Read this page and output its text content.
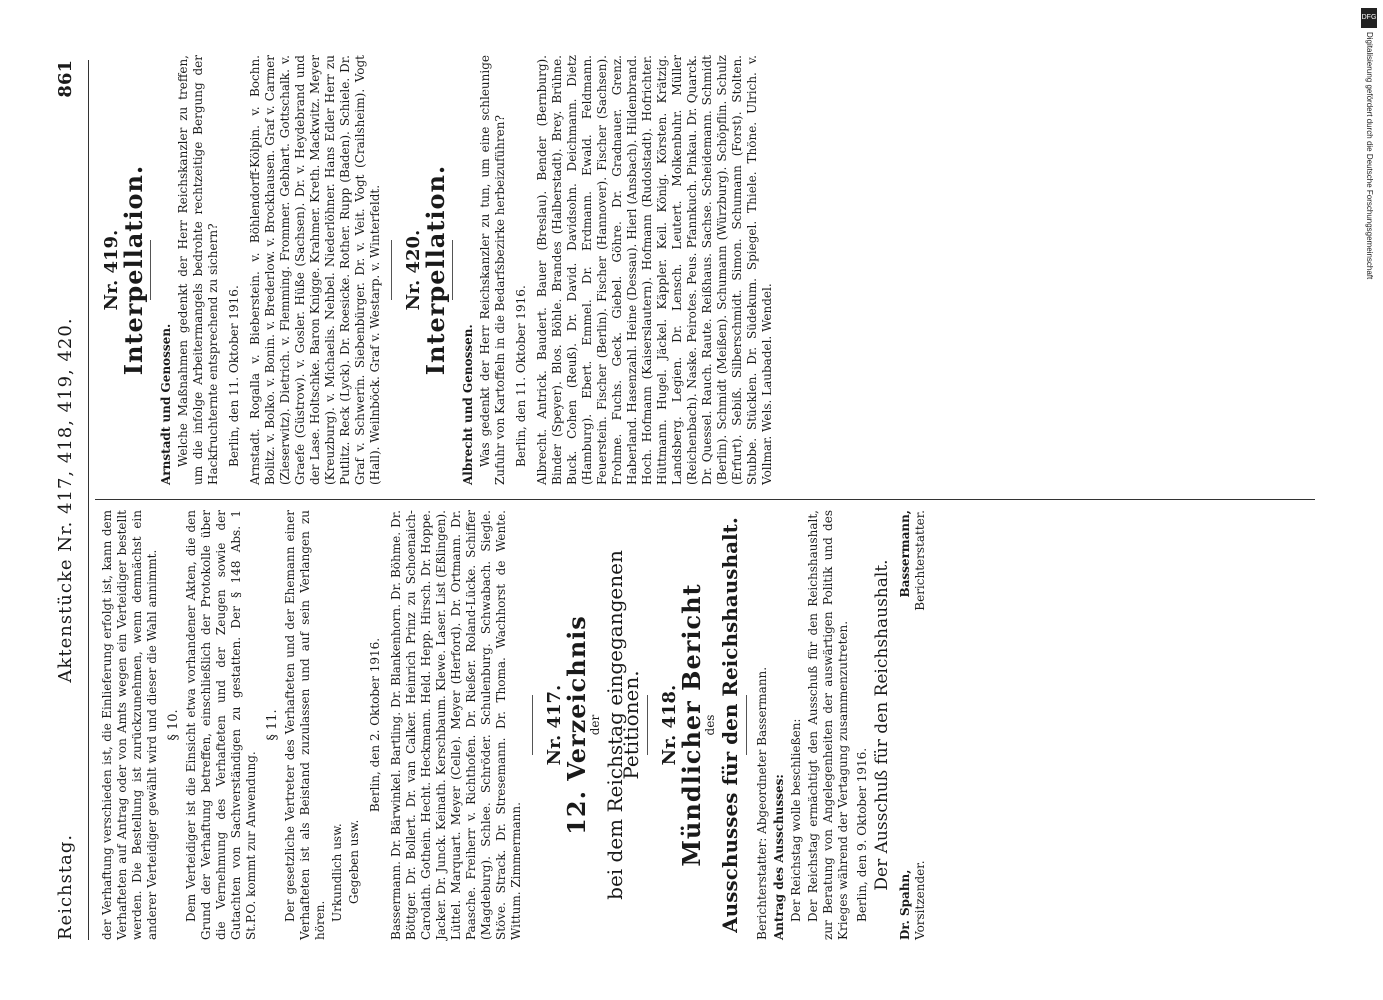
Reichstag.
Aktenstücke Nr. 417, 418, 419, 420.
861

der Verhaftung verschieden ist, die Einlieferung erfolgt ist, kann dem Verhafteten auf Antrag oder von Amts wegen ein Verteidiger bestellt werden. Die Bestellung ist zurückzunehmen, wenn demnächst ein anderer Verteidiger gewählt wird und dieser die Wahl annimmt. § 10. Dem Verteidiger ist die Einsicht etwa vorhandener Akten, die den Grund der Verhaftung betreffen, einschließlich der Protokolle über die Vernehmung des Verhafteten und der Zeugen sowie der Gutachten von Sachverständigen zu gestatten. Der § 148 Abs. 1 St.P.O. kommt zur Anwendung.

§ 11. Der gesetzliche Vertreter des Verhafteten und der Ehemann einer Verhafteten ist als Beistand zuzulassen und auf sein Verlangen zu hören. Urkundlich usw. Gegeben usw.

Berlin, den 2. Oktober 1916. Bassermann. Dr. Bärwinkel. Bartling. Dr. Blankenhorn. Dr. Böhme. Dr. Böttger. Dr. Bollert. Dr. van Calker. Heinrich Prinz zu Schoenaich-Carolath. Gothein. Hecht. Heckmann. Held. Hepp. Hirsch. Dr. Hoppe. Jacker. Dr. Junck. Keinath. Kerschbaum. Klewe. Laser. List (Eßlingen). Lüttel. Marquart. Meyer (Celle). Meyer (Herford). Dr. Ortmann. Dr. Paasche. Freiherr v. Richthofen. Dr. Rießer. Roland-Lücke. Schiffer (Magdeburg). Schlee. Schröder. Schulenburg. Schwabach. Siegle. Stöve. Strack. Dr. Stresemann. Dr. Thoma. Wachhorst de Wente. Wittum. Zimmermann.

Nr. 417.
12. Verzeichnis
der bei dem Reichstag eingegangenen Petitionen. Nr. 418.
Mündlicher Bericht
des Ausschusses für den Reichshaushalt. Berichterstatter: Abgeordneter Bassermann. Antrag des Ausschusses: Der Reichstag wolle beschließen: Der Reichstag ermächtigt den Ausschuß für den Reichshaushalt, zur Beratung von Angelegenheiten der auswärtigen Politik und des Krieges während der Vertagung zusammenzutreten. Berlin, den 9. Oktober 1916. Der Ausschuß für den Reichshaushalt.
Dr. Spahn,
Bassermann,
Vorsitzender.
Berichterstatter.
Nr. 419.
Interpellation.

Arnstadt und Genossen. Welche Maßnahmen gedenkt der Herr Reichskanzler zu treffen, um die infolge Arbeitermangels bedrohte rechtzeitige Bergung der Hackfruchternte entsprechend zu sichern? Berlin, den 11. Oktober 1916. Arnstadt. Rogalla v. Bieberstein. v. Böhlendorff-Kölpin. v. Bochn. Bolitz. v. Bolko. v. Bonin. v. Brederlow. v. Brockhausen. Graf v. Carmer (Zieserwitz). Dietrich. v. Flemming. Frommer. Gebhart. Gottschalk. v. Graefe (Güstrow). v. Gosler. Hüße (Sachsen). Dr. v. Heydebrand und der Lase. Holtschke. Baron Knigge. Krahmer. Kreth. Mackwitz. Meyer (Kreuzburg). v. Michaelis. Nehbel. Niederlöhner. Hans Edler Herr zu Putlitz. Reck (Lyck). Dr. Roesicke. Rother. Rupp (Baden). Schiele. Dr. Graf v. Schwerin. Siebenbürger. Dr. v. Veit. Vogt (Crailsheim). Vogt (Hall). Weilnböck. Graf v. Westarp. v. Winterfeldt. Nr. 420.
Interpellation.

Albrecht und Genossen. Was gedenkt der Herr Reichskanzler zu tun, um eine schleunige Zufuhr von Kartoffeln in die Bedarfsbezirke herbeizuführen? Berlin, den 11. Oktober 1916. Albrecht. Antrick. Baudert. Bauer (Breslau). Bender (Bernburg). Binder (Speyer). Blos. Böhle. Brandes (Halberstadt). Brey. Brühne. Buck. Cohen (Reuß). Dr. David. Davidsohn. Deichmann. Dietz (Hamburg). Ebert. Emmel. Dr. Erdmann. Ewald. Feldmann. Feuerstein. Fischer (Berlin). Fischer (Hannover). Fischer (Sachsen). Frohme. Fuchs. Geck. Giebel. Göhre. Dr. Gradnauer. Grenz. Haberland. Hasenzahl. Heine (Dessau). Hierl (Ansbach). Hildenbrand. Hoch. Hofmann (Kaiserslautern). Hofmann (Rudolstadt). Hofrichter. Hüttmann. Hugel. Jäckel. Käppler. Keil. König. Körsten. Krätzig. Landsberg. Legien. Dr. Lensch. Leutert. Molkenbuhr. Müller (Reichenbach). Naske. Peirotes. Peus. Pfannkuch. Pinkau. Dr. Quarck. Dr. Quessel. Rauch. Raute. Reißhaus. Sachse. Scheidemann. Schmidt (Berlin). Schmidt (Meißen). Schumann (Würzburg). Schöpflin. Schulz (Erfurt). Sebiß. Silberschmidt. Simon. Schumann (Forst). Stolten. Stubbe. Stücklen. Dr. Südekum. Spiegel. Thiele. Thöne. Ulrich. v. Vollmar. Wels. Laubadel. Wendel.

DFG
Digitalisierung gefördert durch die Deutsche Forschungsgemeinschaft
